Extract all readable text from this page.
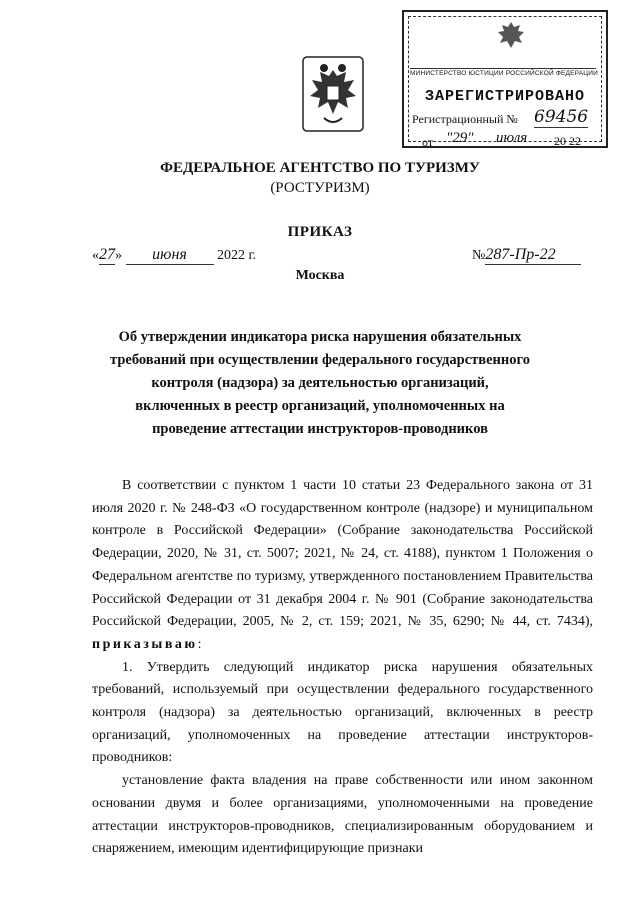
МИНИСТЕРСТВО ЮСТИЦИИ РОССИЙСКОЙ ФЕДЕРАЦИИ
ЗАРЕГИСТРИРОВАНО
Регистрационный № 69456
от "29" июля 20 22
ФЕДЕРАЛЬНОЕ АГЕНТСТВО ПО ТУРИЗМУ
(РОСТУРИЗМ)
ПРИКАЗ
«27» июня 2022 г.	№287-Пр-22
Москва
Об утверждении индикатора риска нарушения обязательных требований при осуществлении федерального государственного контроля (надзора) за деятельностью организаций, включенных в реестр организаций, уполномоченных на проведение аттестации инструкторов-проводников

В соответствии с пунктом 1 части 10 статьи 23 Федерального закона от 31 июля 2020 г. № 248-ФЗ «О государственном контроле (надзоре) и муниципальном контроле в Российской Федерации» (Собрание законодательства Российской Федерации, 2020, № 31, ст. 5007; 2021, № 24, ст. 4188), пунктом 1 Положения о Федеральном агентстве по туризму, утвержденного постановлением Правительства Российской Федерации от 31 декабря 2004 г. № 901 (Собрание законодательства Российской Федерации, 2005, № 2, ст. 159; 2021, № 35, 6290; № 44, ст. 7434), приказываю:

1. Утвердить следующий индикатор риска нарушения обязательных требований, используемый при осуществлении федерального государственного контроля (надзора) за деятельностью организаций, включенных в реестр организаций, уполномоченных на проведение аттестации инструкторов-проводников:

установление факта владения на праве собственности или ином законном основании двумя и более организациями, уполномоченными на проведение аттестации инструкторов-проводников, специализированным оборудованием и снаряжением, имеющим идентифицирующие признаки
